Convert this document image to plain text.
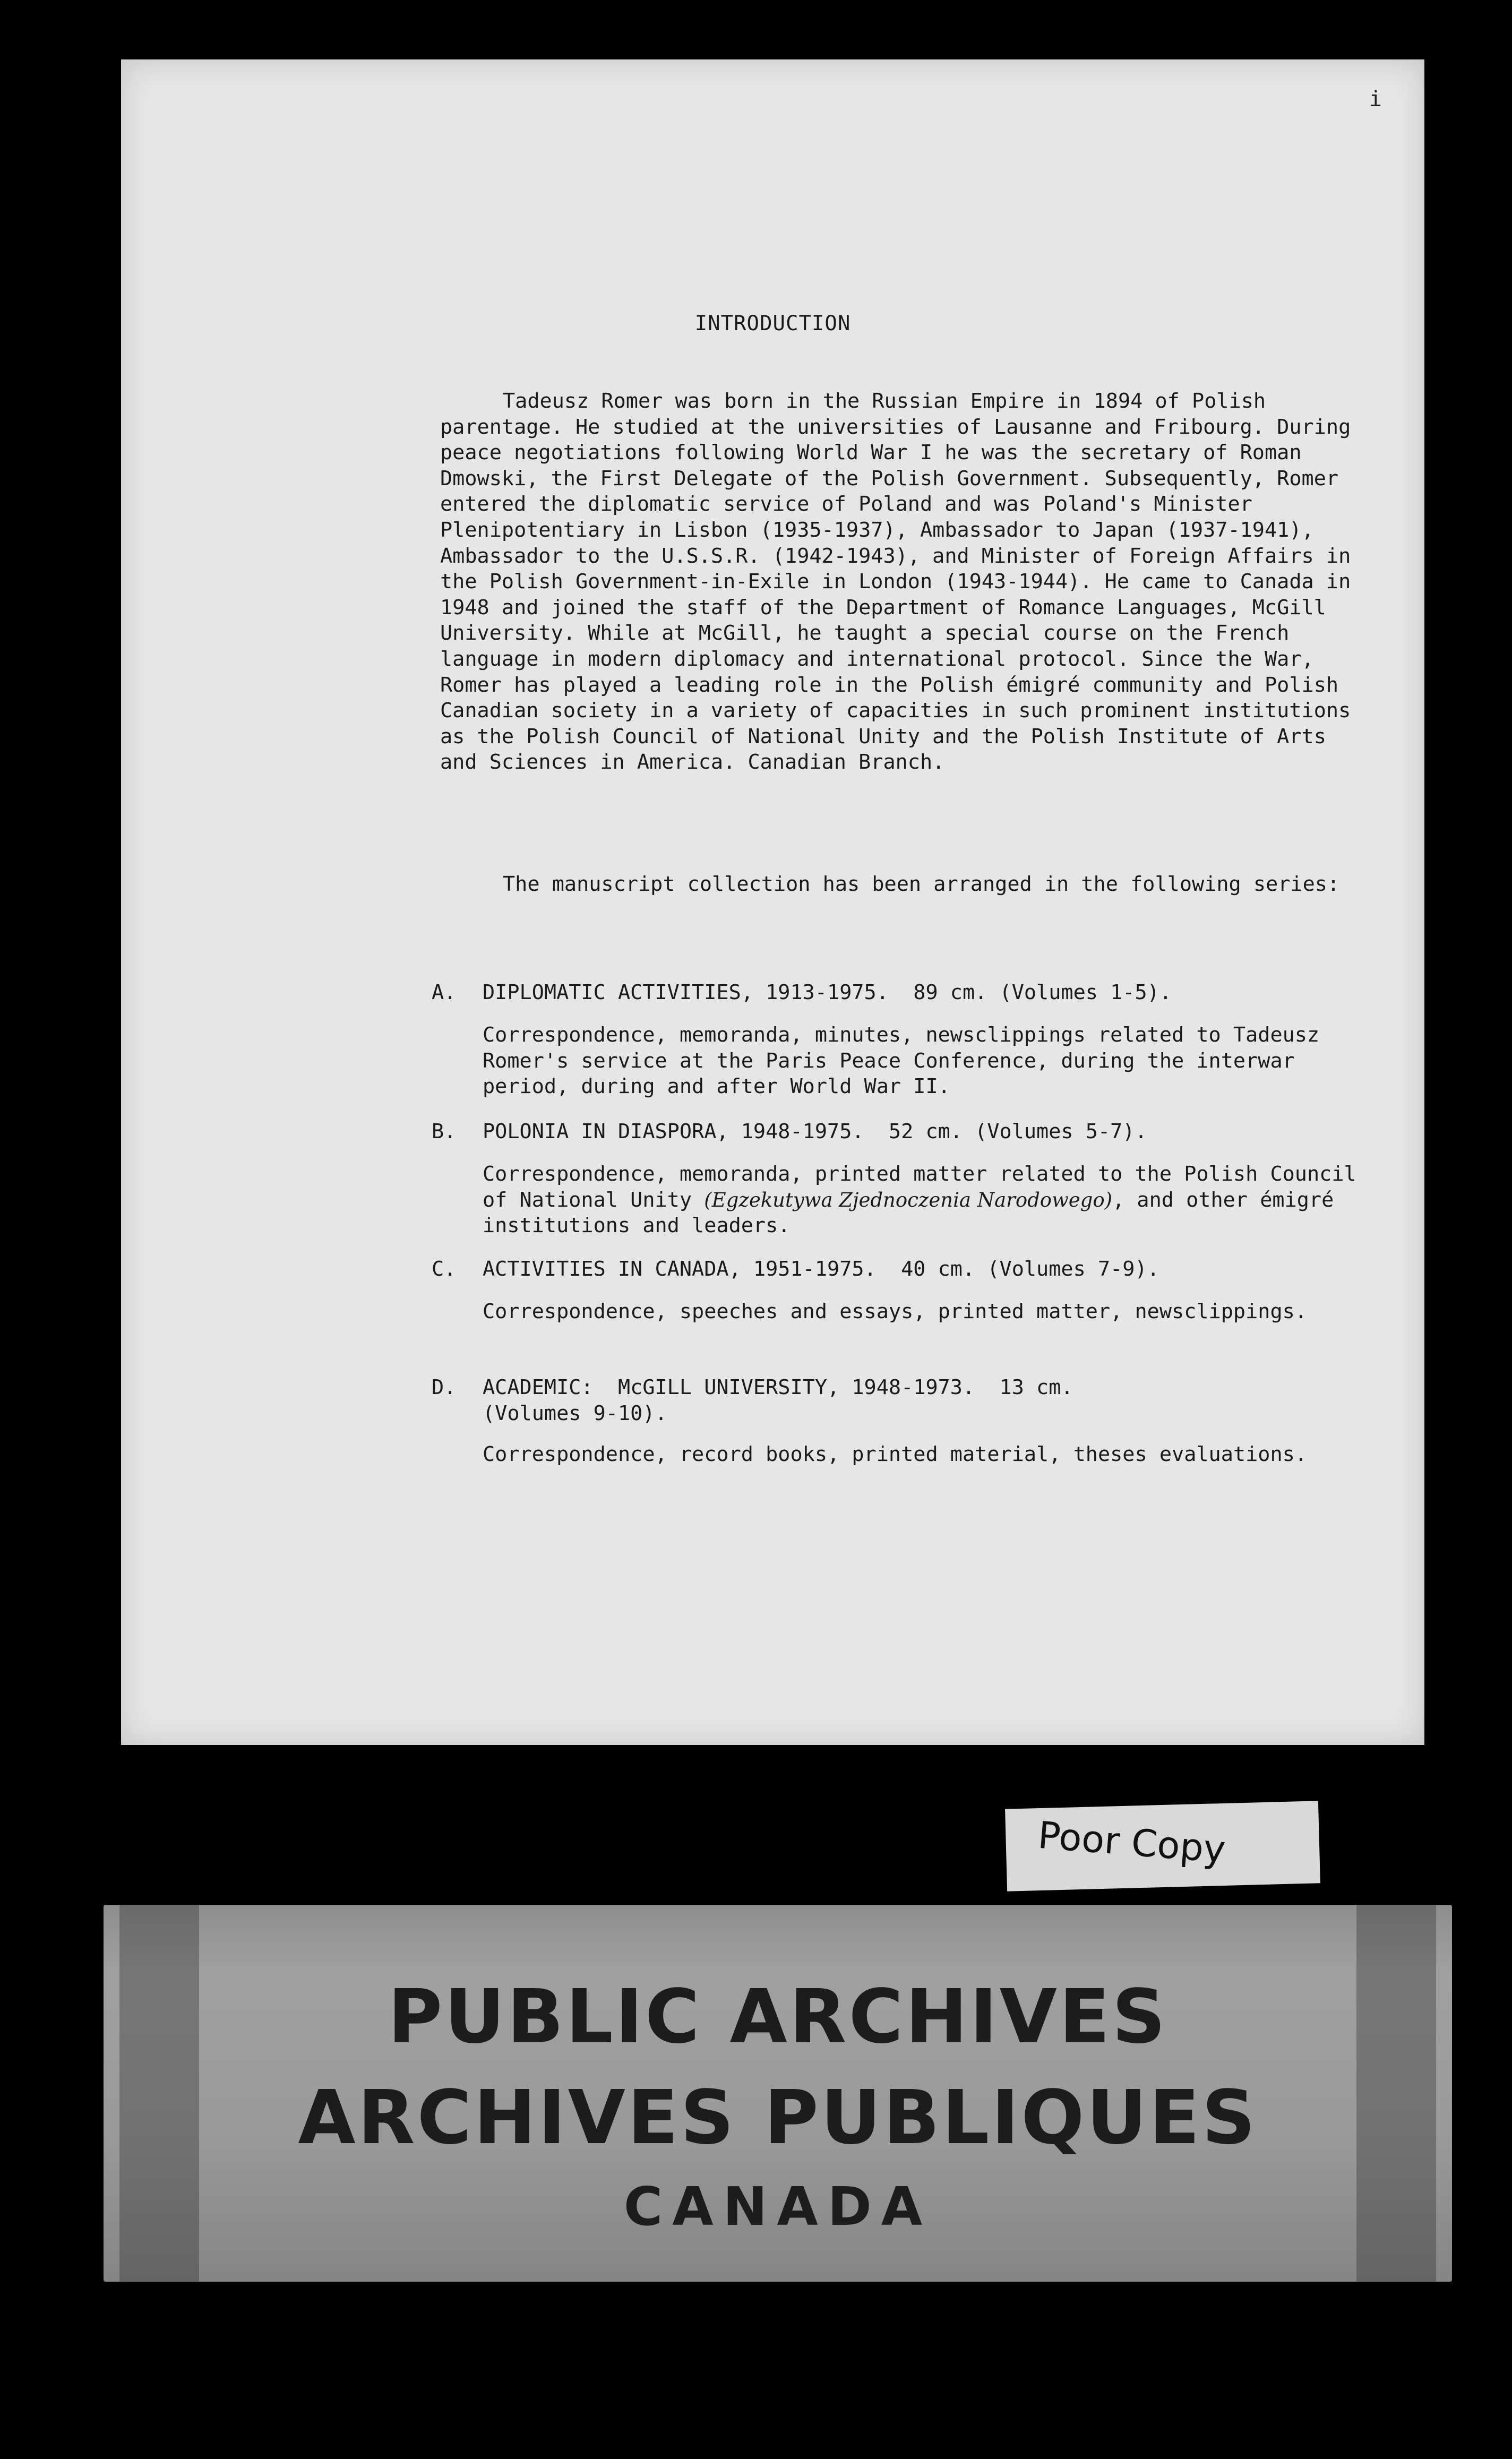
i
INTRODUCTION

Tadeusz Romer was born in the Russian Empire in 1894 of Polish parentage. He studied at the universities of Lausanne and Fribourg. During peace negotiations following World War I he was the secretary of Roman Dmowski, the First Delegate of the Polish Government. Subsequently, Romer entered the diplomatic service of Poland and was Poland's Minister Plenipotentiary in Lisbon (1935-1937), Ambassador to Japan (1937-1941), Ambassador to the U.S.S.R. (1942-1943), and Minister of Foreign Affairs in the Polish Government-in-Exile in London (1943-1944). He came to Canada in 1948 and joined the staff of the Department of Romance Languages, McGill University. While at McGill, he taught a special course on the French language in modern diplomacy and international protocol. Since the War, Romer has played a leading role in the Polish émigré community and Polish Canadian society in a variety of capacities in such prominent institutions as the Polish Council of National Unity and the Polish Institute of Arts and Sciences in America. Canadian Branch.

The manuscript collection has been arranged in the following series:

A. DIPLOMATIC ACTIVITIES, 1913-1975.  89 cm. (Volumes 1-5).

Correspondence, memoranda, minutes, newsclippings related to Tadeusz Romer's service at the Paris Peace Conference, during the interwar period, during and after World War II.

B. POLONIA IN DIASPORA, 1948-1975.  52 cm. (Volumes 5-7).

Correspondence, memoranda, printed matter related to the Polish Council of National Unity (Egzekutywa Zjednoczenia Narodowego), and other émigré institutions and leaders.

C. ACTIVITIES IN CANADA, 1951-1975.  40 cm. (Volumes 7-9).

Correspondence, speeches and essays, printed matter, newsclippings.

D. ACADEMIC:  McGILL UNIVERSITY, 1948-1973.  13 cm.
(Volumes 9-10).

Correspondence, record books, printed material, theses evaluations.

Poor Copy
PUBLIC ARCHIVES
ARCHIVES PUBLIQUES
CANADA
